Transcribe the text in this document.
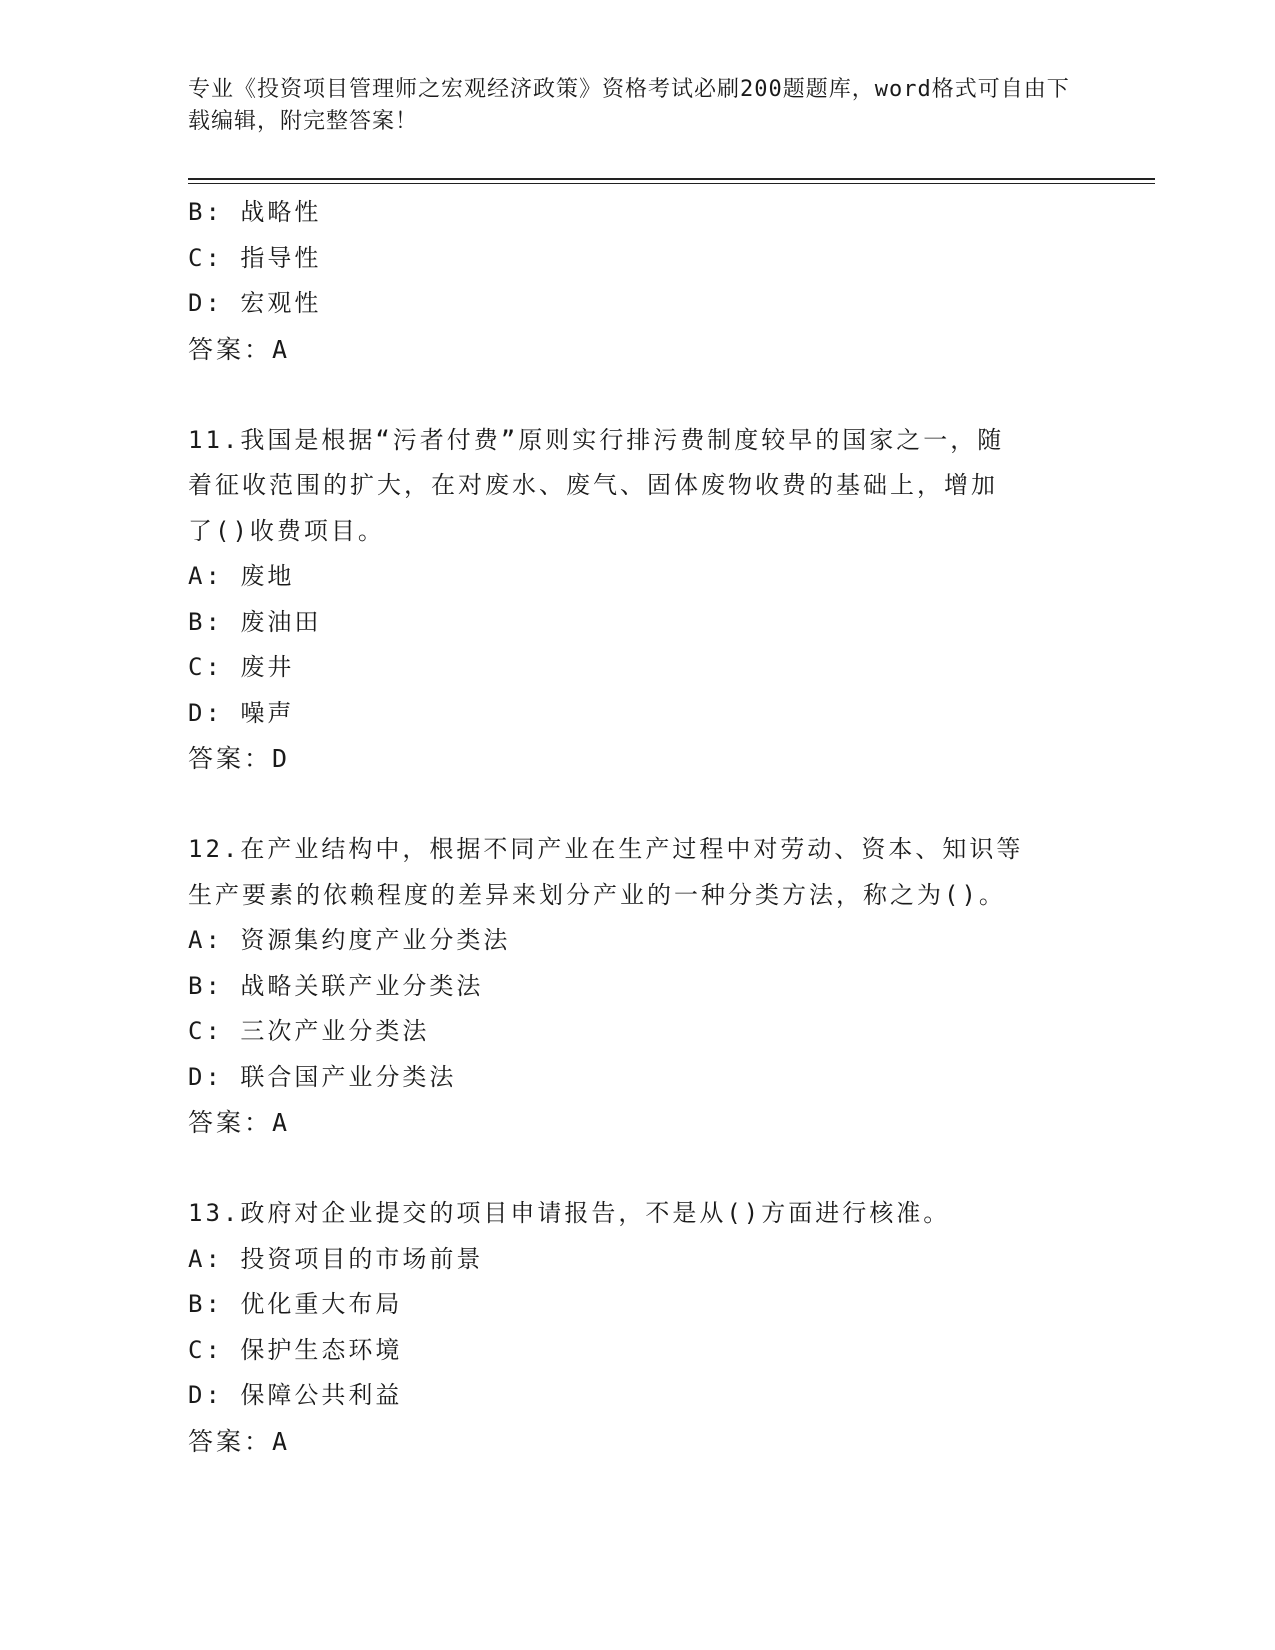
专业《投资项目管理师之宏观经济政策》资格考试必刷200题题库，word格式可自由下载编辑，附完整答案！
B: 战略性
C: 指导性
D: 宏观性
答案：A
11.我国是根据“污者付费”原则实行排污费制度较早的国家之一，随
着征收范围的扩大，在对废水、废气、固体废物收费的基础上，增加
了()收费项目。
A: 废地
B: 废油田
C: 废井
D: 噪声
答案：D
12.在产业结构中，根据不同产业在生产过程中对劳动、资本、知识等
生产要素的依赖程度的差异来划分产业的一种分类方法，称之为()。
A: 资源集约度产业分类法
B: 战略关联产业分类法
C: 三次产业分类法
D: 联合国产业分类法
答案：A
13.政府对企业提交的项目申请报告，不是从()方面进行核准。
A: 投资项目的市场前景
B: 优化重大布局
C: 保护生态环境
D: 保障公共利益
答案：A
